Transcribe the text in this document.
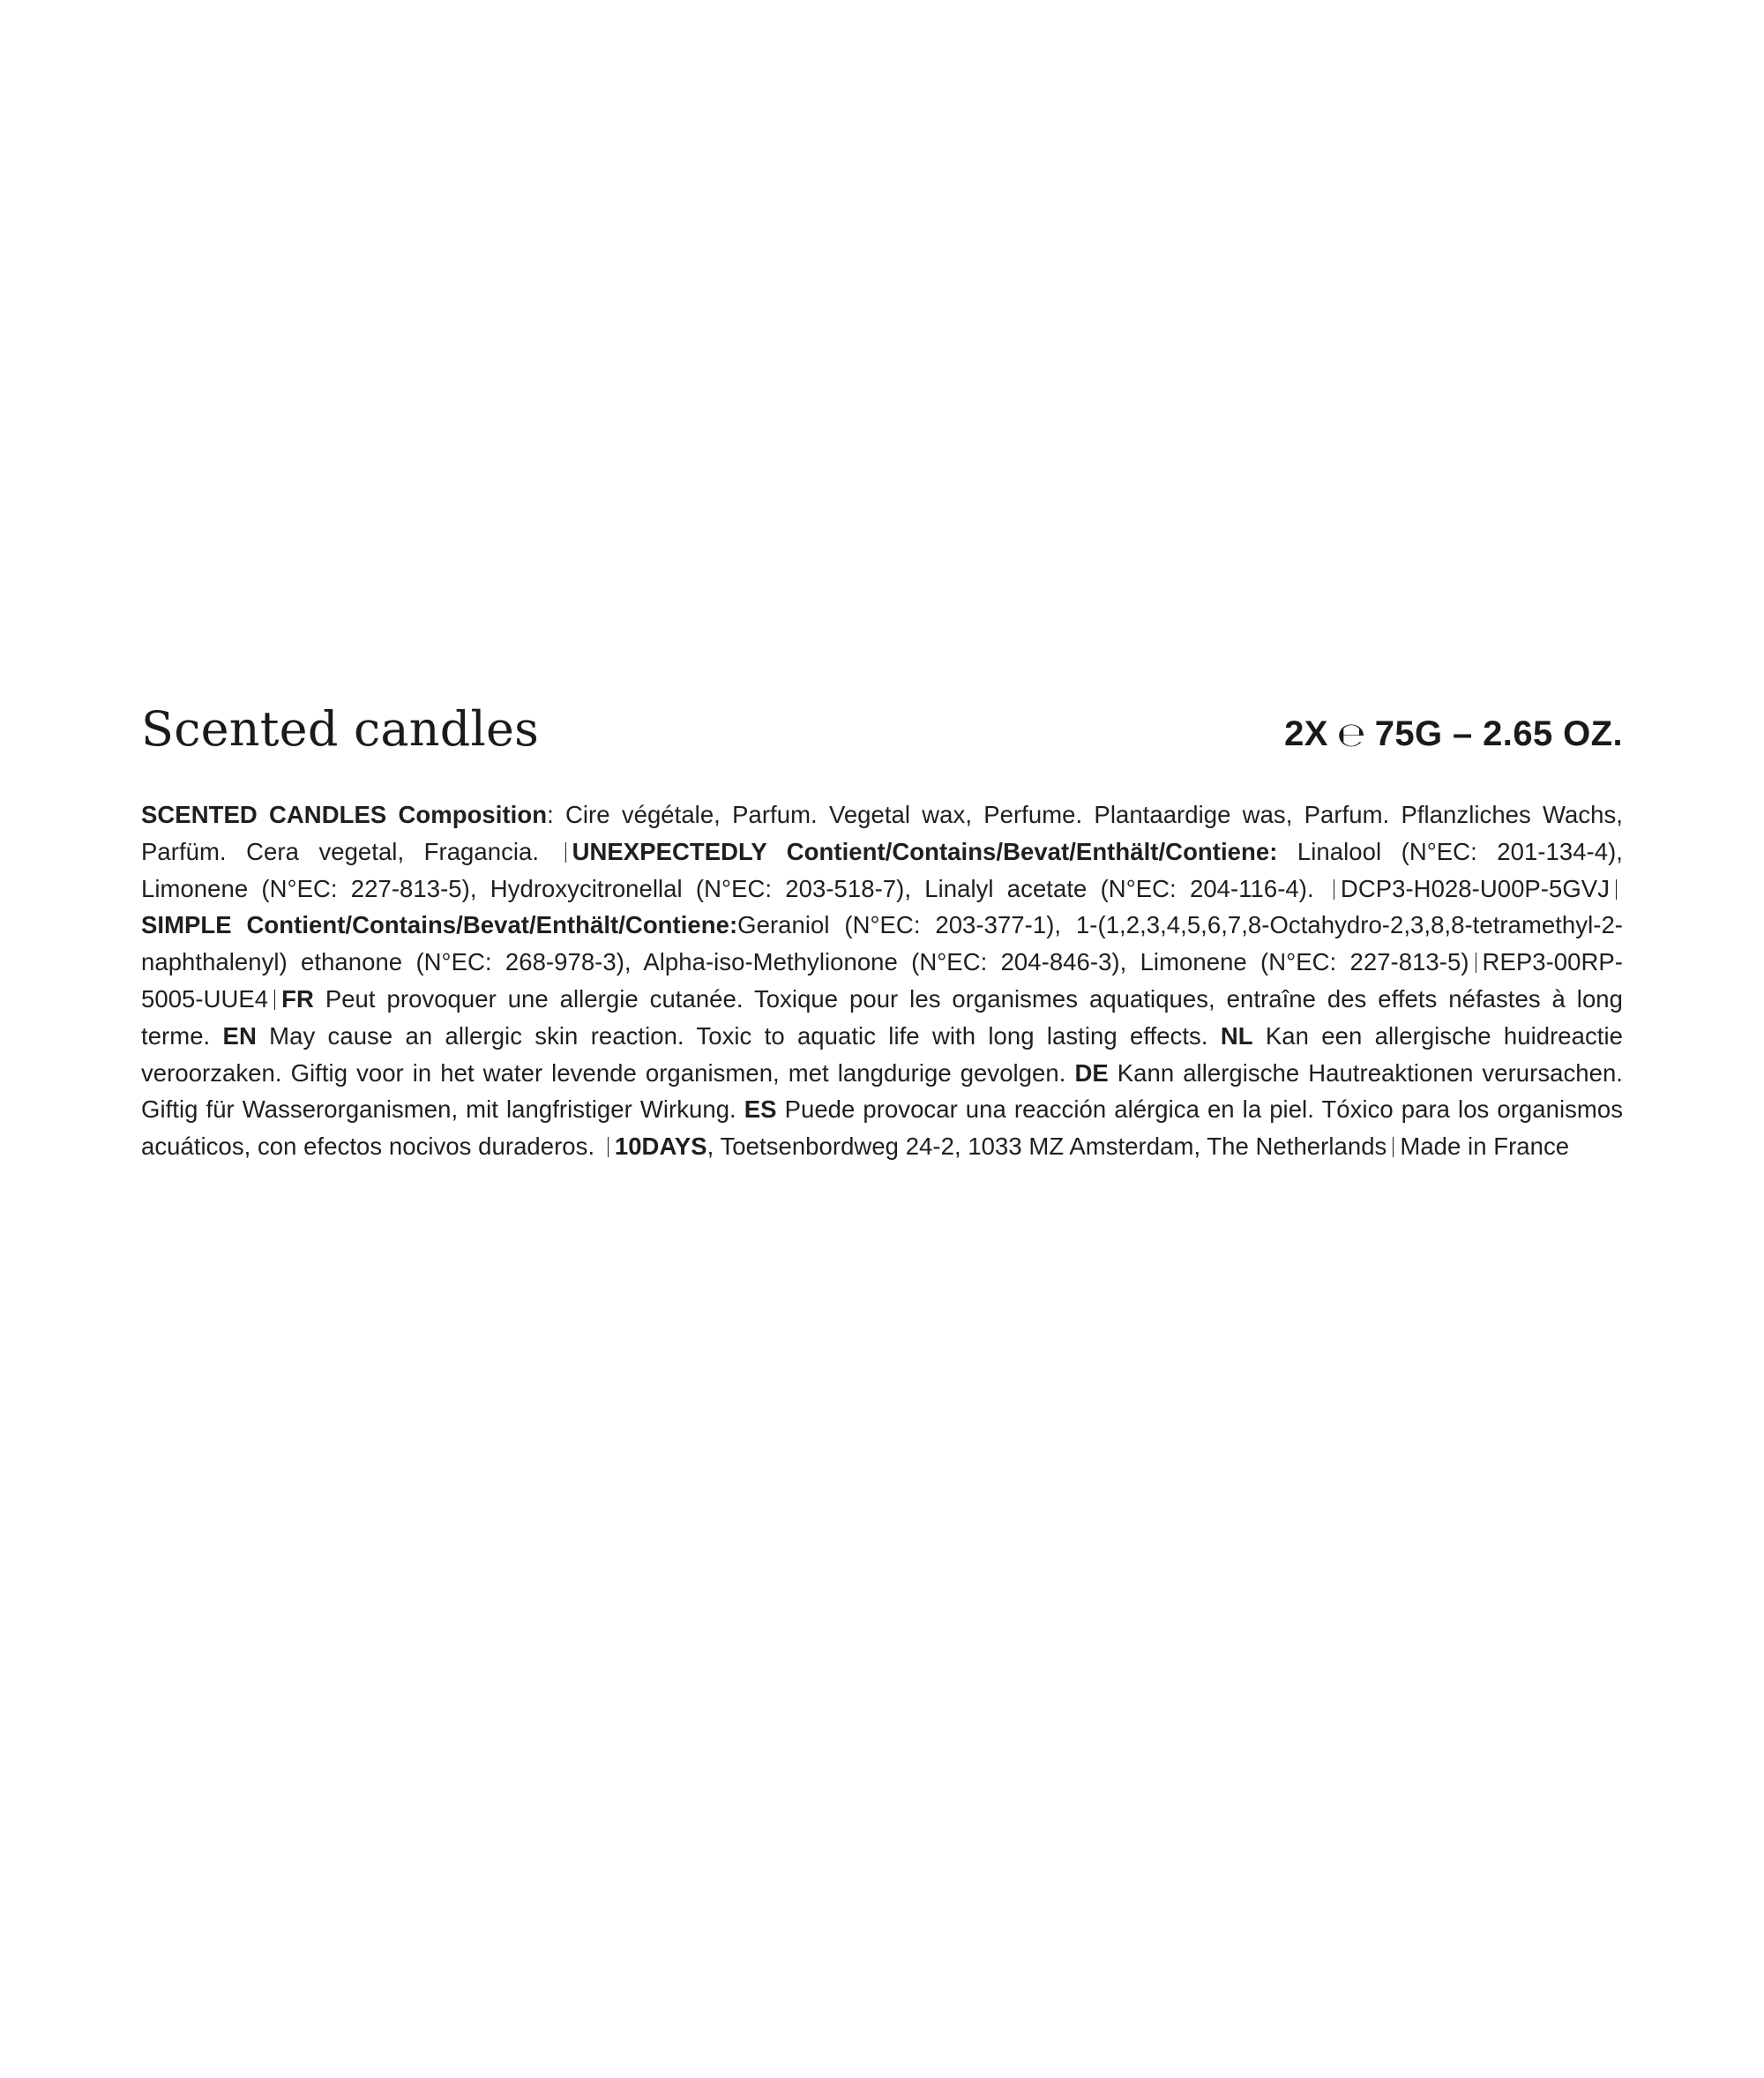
Scented candles	2X ℮ 75G – 2.65 OZ.
SCENTED CANDLES Composition: Cire végétale, Parfum. Vegetal wax, Perfume. Plantaardige was, Parfum. Pflanzliches Wachs, Parfüm. Cera vegetal, Fragancia. UNEXPECTEDLY Contient/Contains/Bevat/Enthält/Contiene: Linalool (N°EC: 201-134-4), Limonene (N°EC: 227-813-5), Hydroxycitronellal (N°EC: 203-518-7), Linalyl acetate (N°EC: 204-116-4). DCP3-H028-U00P-5GVJSIMPLE Contient/Contains/Bevat/Enthält/Contiene:Geraniol (N°EC: 203-377-1), 1-(1,2,3,4,5,6,7,8-Octahydro-2,3,8,8-tetramethyl-2-naphthalenyl) ethanone (N°EC: 268-978-3), Alpha-iso-Methylionone (N°EC: 204-846-3), Limonene (N°EC: 227-813-5) REP3-00RP-5005-UUE4 FR Peut provoquer une allergie cutanée. Toxique pour les organismes aquatiques, entraîne des effets néfastes à long terme. EN May cause an allergic skin reaction. Toxic to aquatic life with long lasting effects. NL Kan een allergische huidreactie veroorzaken. Giftig voor in het water levende organismen, met langdurige gevolgen. DE Kann allergische Hautreaktionen verursachen. Giftig für Wasserorganismen, mit langfristiger Wirkung. ES Puede provocar una reacción alérgica en la piel. Tóxico para los organismos acuáticos, con efectos nocivos duraderos. 10DAYS, Toetsenbordweg 24-2, 1033 MZ Amsterdam, The Netherlands Made in France
